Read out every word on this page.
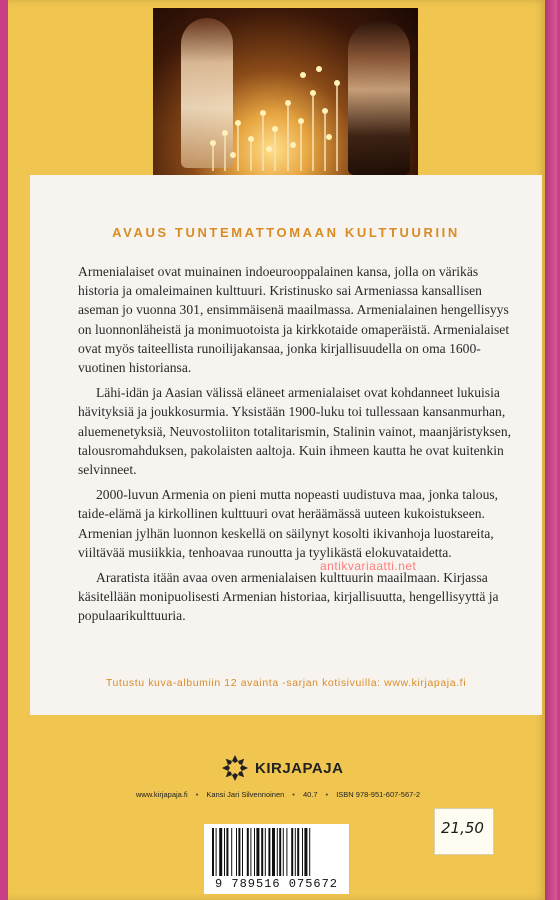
AVAUS TUNTEMATTOMAAN KULTTUURIIN

Armenialaiset ovat muinainen indoeurooppalainen kansa, jolla on värikäs historia ja omaleimainen kulttuuri. Kristinusko sai Armeniassa kansallisen aseman jo vuonna 301, ensimmäisenä maailmassa. Armenialainen hengellisyys on luonnonläheistä ja monimuotoista ja kirkkotaide omaperäistä. Armenialaiset ovat myös taiteellista runoilijakansaa, jonka kirjallisuudella on oma 1600-vuotinen historiansa.

Lähi-idän ja Aasian välissä eläneet armenialaiset ovat kohdanneet lukuisia hävityksiä ja joukkosurmia. Yksistään 1900-luku toi tullessaan kansanmurhan, aluemenetyksiä, Neuvostoliiton totalitarismin, Stalinin vainot, maanjäristyksen, talousromahduksen, pakolaisten aaltoja. Kuin ihmeen kautta he ovat kuitenkin selvinneet.

2000-luvun Armenia on pieni mutta nopeasti uudistuva maa, jonka talous, taide-elämä ja kirkollinen kulttuuri ovat heräämässä uuteen kukoistukseen. Armenian jylhän luonnon keskellä on säilynyt kosolti ikivanhoja luostareita, viiltävää musiikkia, tenhoavaa runoutta ja tyylikästä elokuvataidetta.

Araratista itään avaa oven armenialaisen kulttuurin maailmaan. Kirjassa käsitellään monipuolisesti Armenian historiaa, kirjallisuutta, hengellisyyttä ja populaarikulttuuria.

antikvariaatti.net
Tutustu kuva-albumiin 12 avainta -sarjan kotisivuilla: www.kirjapaja.fi
KIRJAPAJA
www.kirjapaja.fi • Kansi Jari Silvennoinen • 40.7 • ISBN 978-951-607-567-2
9 789516 075672
21,50
